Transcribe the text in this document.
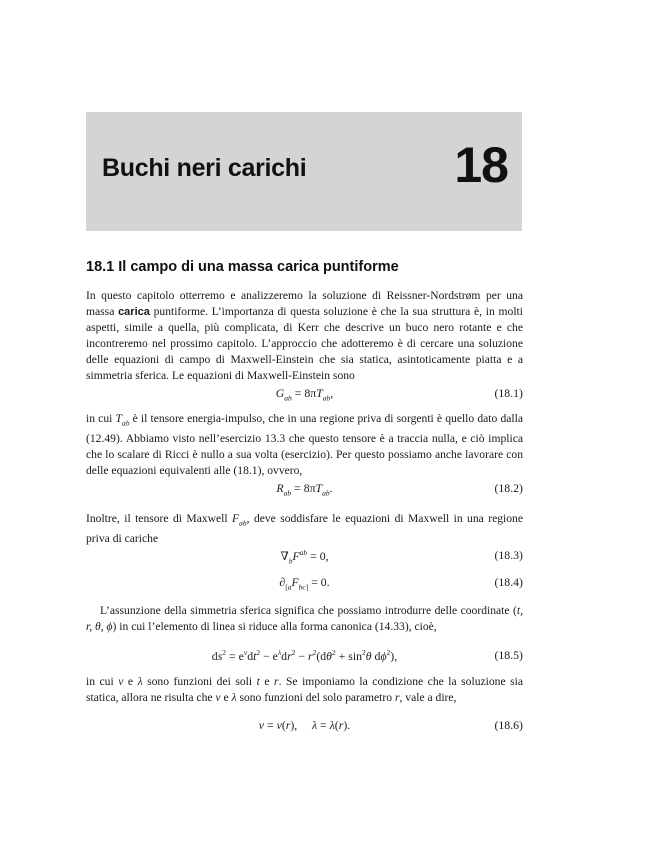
Buchi neri carichi	18
18.1 Il campo di una massa carica puntiforme

In questo capitolo otterremo e analizzeremo la soluzione di Reissner-Nordstrøm per una massa carica puntiforme. L’importanza di questa soluzione è che la sua struttura è, in molti aspetti, simile a quella, più complicata, di Kerr che descrive un buco nero rotante e che incontreremo nel prossimo capitolo. L’approccio che adotteremo è di cercare una soluzione delle equazioni di campo di Maxwell-Einstein che sia statica, asintoticamente piatta e a simmetria sferica. Le equazioni di Maxwell-Einstein sono

$G_{ab} = 8\pi T_{ab}$,	(18.1)

in cui $T_{ab}$ è il tensore energia-impulso, che in una regione priva di sorgenti è quello dato dalla (12.49). Abbiamo visto nell’esercizio 13.3 che questo tensore è a traccia nulla, e ciò implica che lo scalare di Ricci è nullo a sua volta (esercizio). Per questo possiamo anche lavorare con delle equazioni equivalenti alle (18.1), ovvero,

$R_{ab} = 8\pi T_{ab}$.	(18.2)

Inoltre, il tensore di Maxwell $F_{ab}$, deve soddisfare le equazioni di Maxwell in una regione priva di cariche

$\nabla_bF^{ab} = 0$,	(18.3)
$\partial_{[a}F_{bc]} = 0$.	(18.4)

L’assunzione della simmetria sferica significa che possiamo introdurre delle coordinate (t, r, θ, ϕ) in cui l’elemento di linea si riduce alla forma canonica (14.33), cioè,

$ds^2 = e^\nu dt^2 - e^\lambda dr^2 - r^2(d\theta^2 + \sin^2\theta$ $d\phi^2$),	(18.5)

in cui ν e λ sono funzioni dei soli t e r. Se imponiamo la condizione che la soluzione sia statica, allora ne risulta che ν e λ sono funzioni del solo parametro r, vale a dire,

ν = ν(r),     λ = λ(r).	(18.6)
